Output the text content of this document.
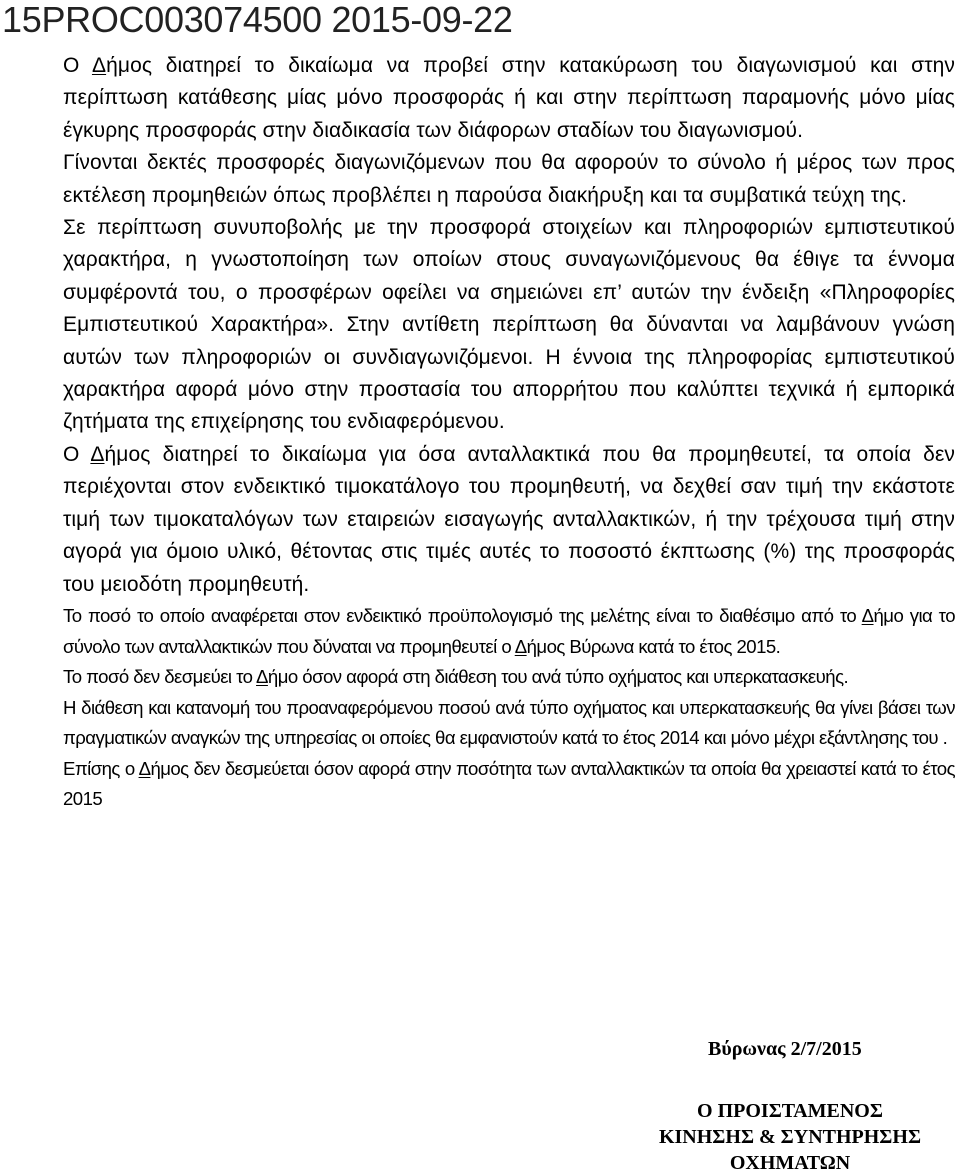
15PROC003074500 2015-09-22

Ο Δήμος διατηρεί το δικαίωμα να προβεί στην κατακύρωση του διαγωνισμού και στην περίπτωση κατάθεσης μίας μόνο προσφοράς ή και στην περίπτωση παραμονής μόνο μίας έγκυρης προσφοράς στην διαδικασία των διάφορων σταδίων του διαγωνισμού.

Γίνονται δεκτές προσφορές διαγωνιζόμενων που θα αφορούν το σύνολο ή μέρος των προς εκτέλεση προμηθειών όπως προβλέπει η παρούσα διακήρυξη και τα συμβατικά τεύχη της.

Σε περίπτωση συνυποβολής με την προσφορά στοιχείων και πληροφοριών εμπιστευτικού χαρακτήρα, η γνωστοποίηση των οποίων στους συναγωνιζόμενους θα έθιγε τα έννομα συμφέροντά του, ο προσφέρων οφείλει να σημειώνει επ’ αυτών την ένδειξη «Πληροφορίες Εμπιστευτικού Χαρακτήρα». Στην αντίθετη περίπτωση θα δύνανται να λαμβάνουν γνώση αυτών των πληροφοριών οι συνδιαγωνιζόμενοι. Η έννοια της πληροφορίας εμπιστευτικού χαρακτήρα αφορά μόνο στην προστασία του απορρήτου που καλύπτει τεχνικά ή εμπορικά ζητήματα της επιχείρησης του ενδιαφερόμενου.

Ο Δήμος διατηρεί το δικαίωμα για όσα ανταλλακτικά που θα προμηθευτεί, τα οποία δεν περιέχονται στον ενδεικτικό τιμοκατάλογο του προμηθευτή, να δεχθεί σαν τιμή την εκάστοτε τιμή των τιμοκαταλόγων των εταιρειών εισαγωγής ανταλλακτικών, ή την τρέχουσα τιμή στην αγορά για όμοιο υλικό, θέτοντας στις τιμές αυτές το ποσοστό έκπτωσης (%) της προσφοράς του μειοδότη προμηθευτή.

Το ποσό το οποίο αναφέρεται στον ενδεικτικό προϋπολογισμό της μελέτης είναι το διαθέσιμο από το Δήμο για το σύνολο των ανταλλακτικών που δύναται να προμηθευτεί ο Δήμος Βύρωνα κατά το έτος 2015.

Το ποσό δεν δεσμεύει το Δήμο όσον αφορά στη διάθεση του ανά τύπο οχήματος και υπερκατασκευής.

Η διάθεση και κατανομή του προαναφερόμενου ποσού ανά τύπο οχήματος και υπερκατασκευής θα γίνει βάσει των πραγματικών αναγκών της υπηρεσίας οι οποίες θα εμφανιστούν κατά το έτος 2014 και μόνο μέχρι εξάντλησης του .

Επίσης ο Δήμος δεν δεσμεύεται όσον αφορά στην ποσότητα των ανταλλακτικών τα οποία θα χρειαστεί κατά το έτος 2015

Βύρωνας 2/7/2015
Ο ΠΡΟΙΣΤΑΜΕΝΟΣ
ΚΙΝΗΣΗΣ & ΣΥΝΤΗΡΗΣΗΣ
ΟΧΗΜΑΤΩΝ
